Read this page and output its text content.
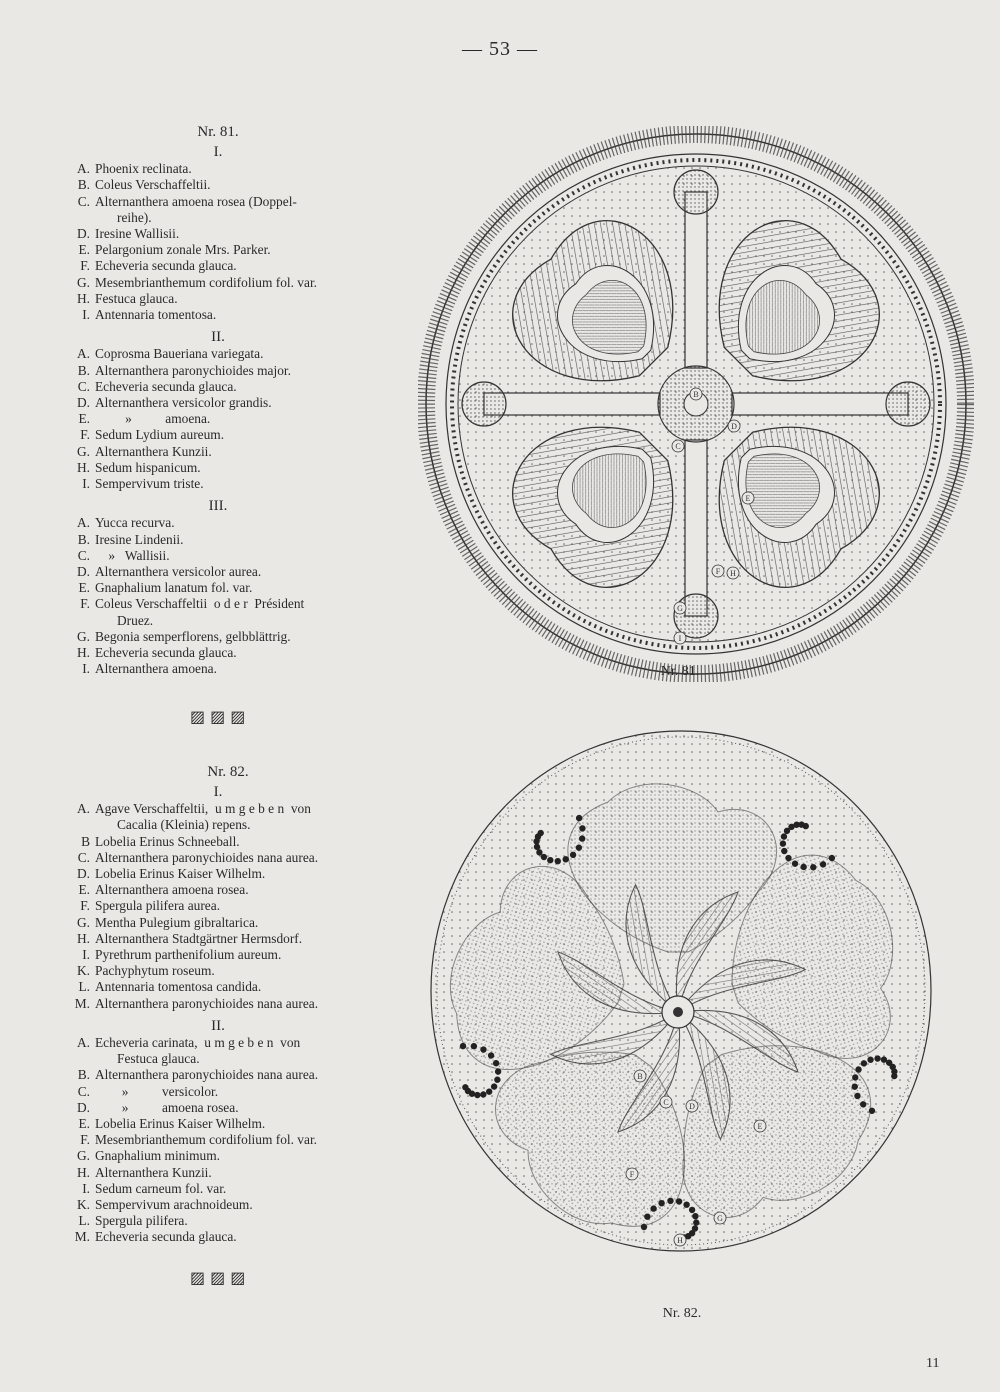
— 53 —
Nr. 81.
I.
A. Phoenix reclinata.
B. Coleus Verschaffeltii.
C. Alternanthera amoena rosea (Doppel-
reihe).
D. Iresine Wallisii.
E. Pelargonium zonale Mrs. Parker.
F. Echeveria secunda glauca.
G. Mesembrianthemum cordifolium fol. var.
H. Festuca glauca.
I. Antennaria tomentosa.
II.
A. Coprosma Baueriana variegata.
B. Alternanthera paronychioides major.
C. Echeveria secunda glauca.
D. Alternanthera versicolor grandis.
E. »          amoena.
F. Sedum Lydium aureum.
G. Alternanthera Kunzii.
H. Sedum hispanicum.
I. Sempervivum triste.
III.
A. Yucca recurva.
B. Iresine Lindenii.
C. »   Wallisii.
D. Alternanthera versicolor aurea.
E. Gnaphalium lanatum fol. var.
F. Coleus Verschaffeltii  o d e r  Président
Druez.
G. Begonia semperflorens, gelbblättrig.
H. Echeveria secunda glauca.
I. Alternanthera amoena.
Nr. 82.
I.
A. Agave Verschaffeltii,  u m g e b e n  von
Cacalia (Kleinia) repens.
B Lobelia Erinus Schneeball.
C. Alternanthera paronychioides nana aurea.
D. Lobelia Erinus Kaiser Wilhelm.
E. Alternanthera amoena rosea.
F. Spergula pilifera aurea.
G. Mentha Pulegium gibraltarica.
H. Alternanthera Stadtgärtner Hermsdorf.
I. Pyrethrum parthenifolium aureum.
K. Pachyphytum roseum.
L. Antennaria tomentosa candida.
M. Alternanthera paronychioides nana aurea.
II.
A. Echeveria carinata,  u m g e b e n  von
Festuca glauca.
B. Alternanthera paronychioides nana aurea.
C. »          versicolor.
D. »          amoena rosea.
E. Lobelia Erinus Kaiser Wilhelm.
F. Mesembrianthemum cordifolium fol. var.
G. Gnaphalium minimum.
H. Alternanthera Kunzii.
I. Sedum carneum fol. var.
K. Sempervivum arachnoideum.
L. Spergula pilifera.
M. Echeveria secunda glauca.
▨▨▨
▨▨▨
B
C
D
E
F
G
H
I
Nr. 81.
B
C	D
E
F
G
H
Nr. 82.
11
